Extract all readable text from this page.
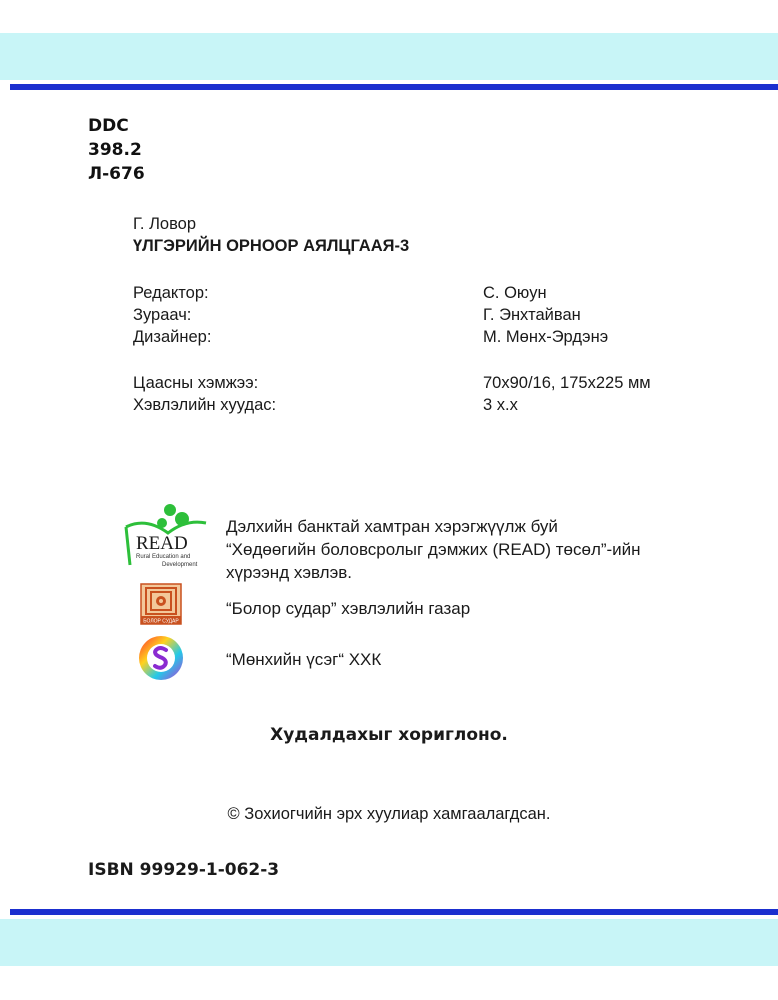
DDC
398.2
Л-676
Г. Ловор
ҮЛГЭРИЙН ОРНООР АЯЛЦГААЯ-3
Редактор:	С. Оюун
Зураач:	Г. Энхтайван
Дизайнер:	М. Мөнх-Эрдэнэ
Цаасны хэмжээ:	70х90/16, 175х225 мм
Хэвлэлийн хуудас:	3 х.х
READ
Rural Education and
Development
Дэлхийн банктай хамтран хэрэгжүүлж буй
“Хөдөөгийн боловсролыг дэмжих (READ) төсөл”-ийн
хүрээнд хэвлэв.
БОЛОР СУДАР
“Болор судар” хэвлэлийн газар
“Мөнхийн үсэг“ ХХК
Худалдахыг хориглоно.
© Зохиогчийн эрх хуулиар хамгаалагдсан.
ISBN 99929-1-062-3
